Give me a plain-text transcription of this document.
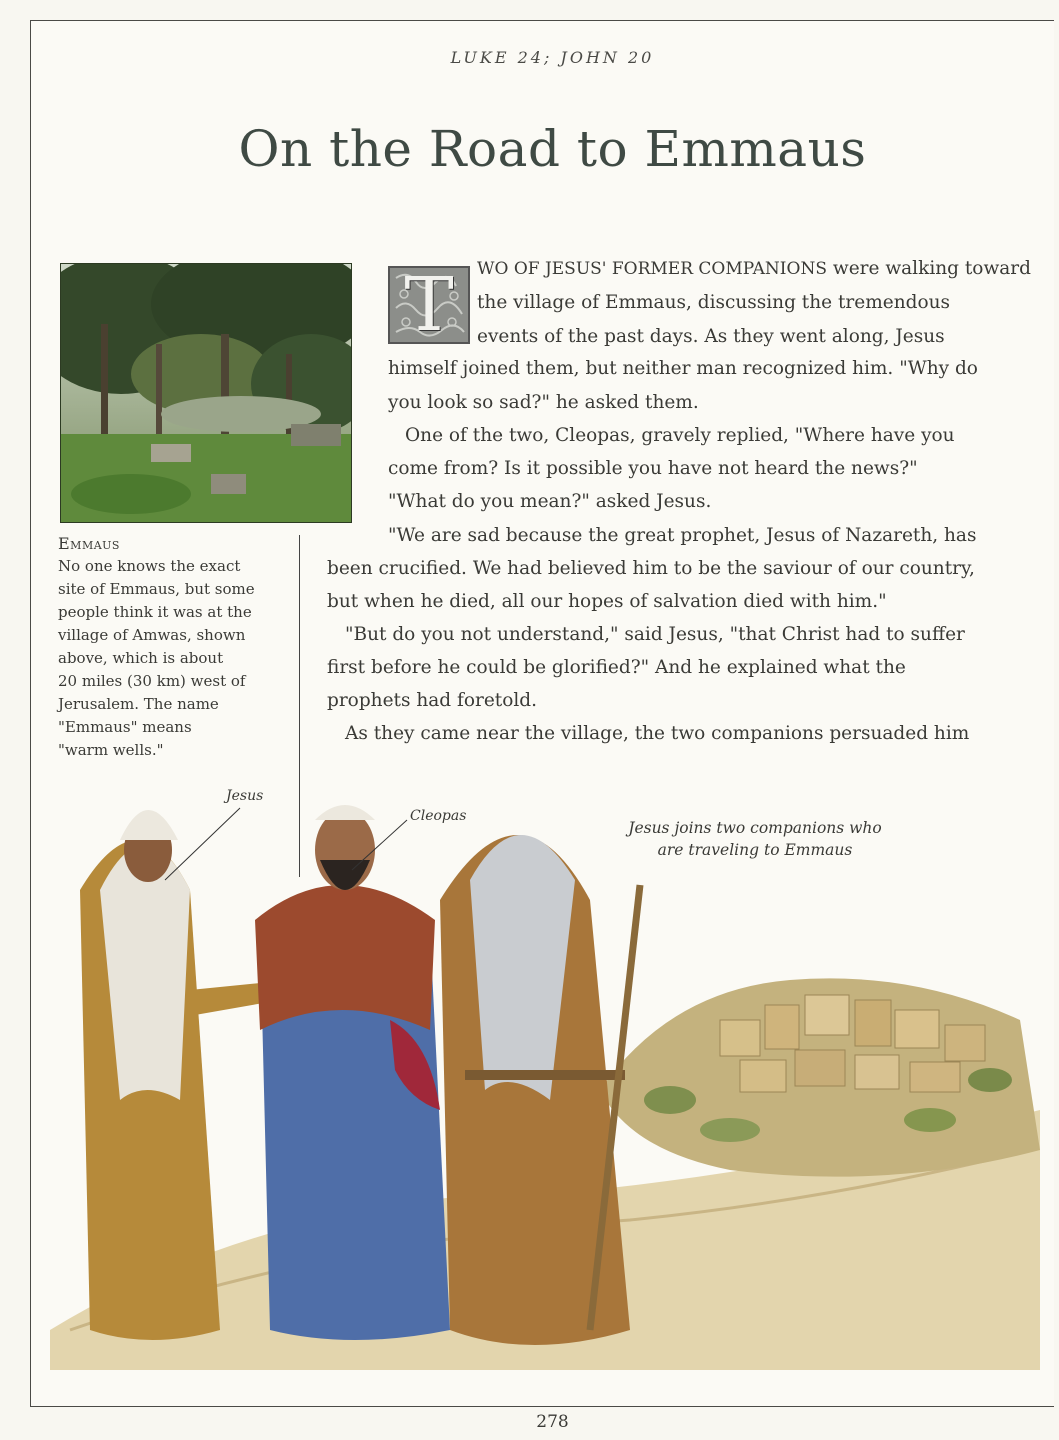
LUKE 24; JOHN 20
On the Road to Emmaus
Emmaus
No one knows the exact
site of Emmaus, but some
people think it was at the
village of Amwas, shown
above, which is about
20 miles (30 km) west of
Jerusalem. The name
"Emmaus" means
"warm wells."
T WO OF JESUS' FORMER COMPANIONS were walking toward
the village of Emmaus, discussing the tremendous
events of the past days. As they went along, Jesus
himself joined them, but neither man recognized him. "Why do
you look so sad?" he asked them.
One of the two, Cleopas, gravely replied, "Where have you
come from? Is it possible you have not heard the news?"
"What do you mean?" asked Jesus.
"We are sad because the great prophet, Jesus of Nazareth, has
been crucified. We had believed him to be the saviour of our country,
but when he died, all our hopes of salvation died with him."
"But do you not understand," said Jesus, "that Christ had to suffer
first before he could be glorified?" And he explained what the
prophets had foretold.
As they came near the village, the two companions persuaded him
Jesus
Cleopas
Jesus joins two companions who
are traveling to Emmaus
278
